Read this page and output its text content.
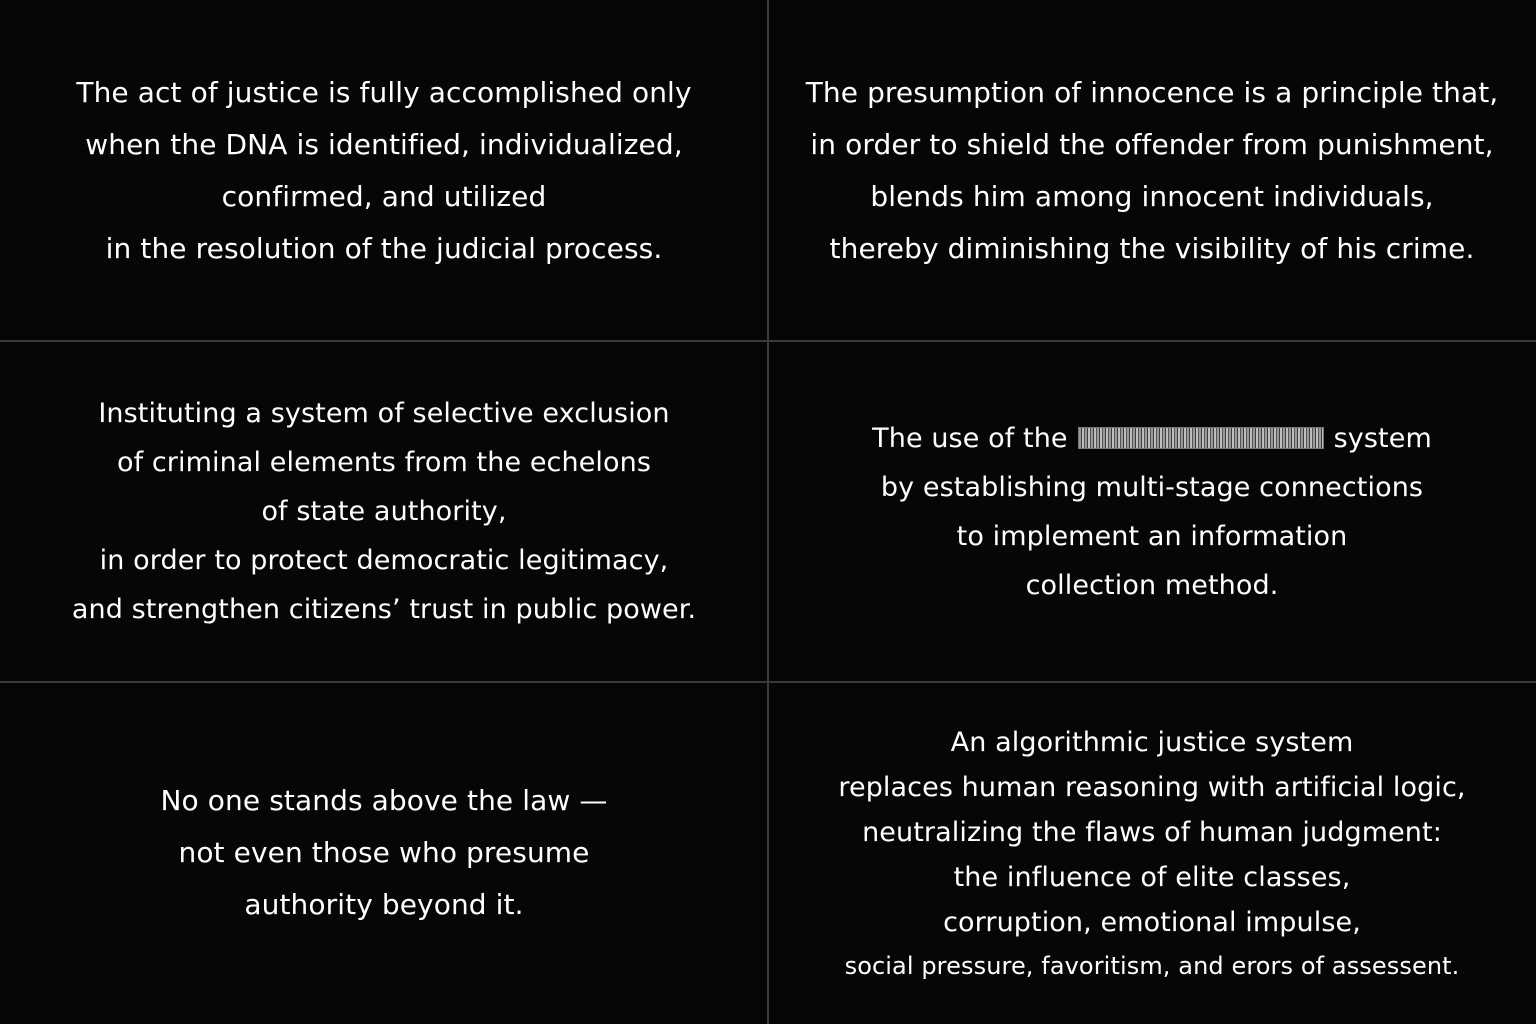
The act of justice is fully accomplished only
when the DNA is identified, individualized,
confirmed, and utilized
in the resolution of the judicial process.
The presumption of innocence is a principle that,
in order to shield the offender from punishment,
blends him among innocent individuals,
thereby diminishing the visibility of his crime.
Instituting a system of selective exclusion
of criminal elements from the echelons
of state authority,
in order to protect democratic legitimacy,
and strengthen citizens’ trust in public power.
The use of the	system
by establishing multi-stage connections
to implement an information
collection method.
No one stands above the law —
not even those who presume
authority beyond it.
An algorithmic justice system
replaces human reasoning with artificial logic,
neutralizing the flaws of human judgment:
the influence of elite classes,
corruption, emotional impulse,
social pressure, favoritism, and erors of assessent.
